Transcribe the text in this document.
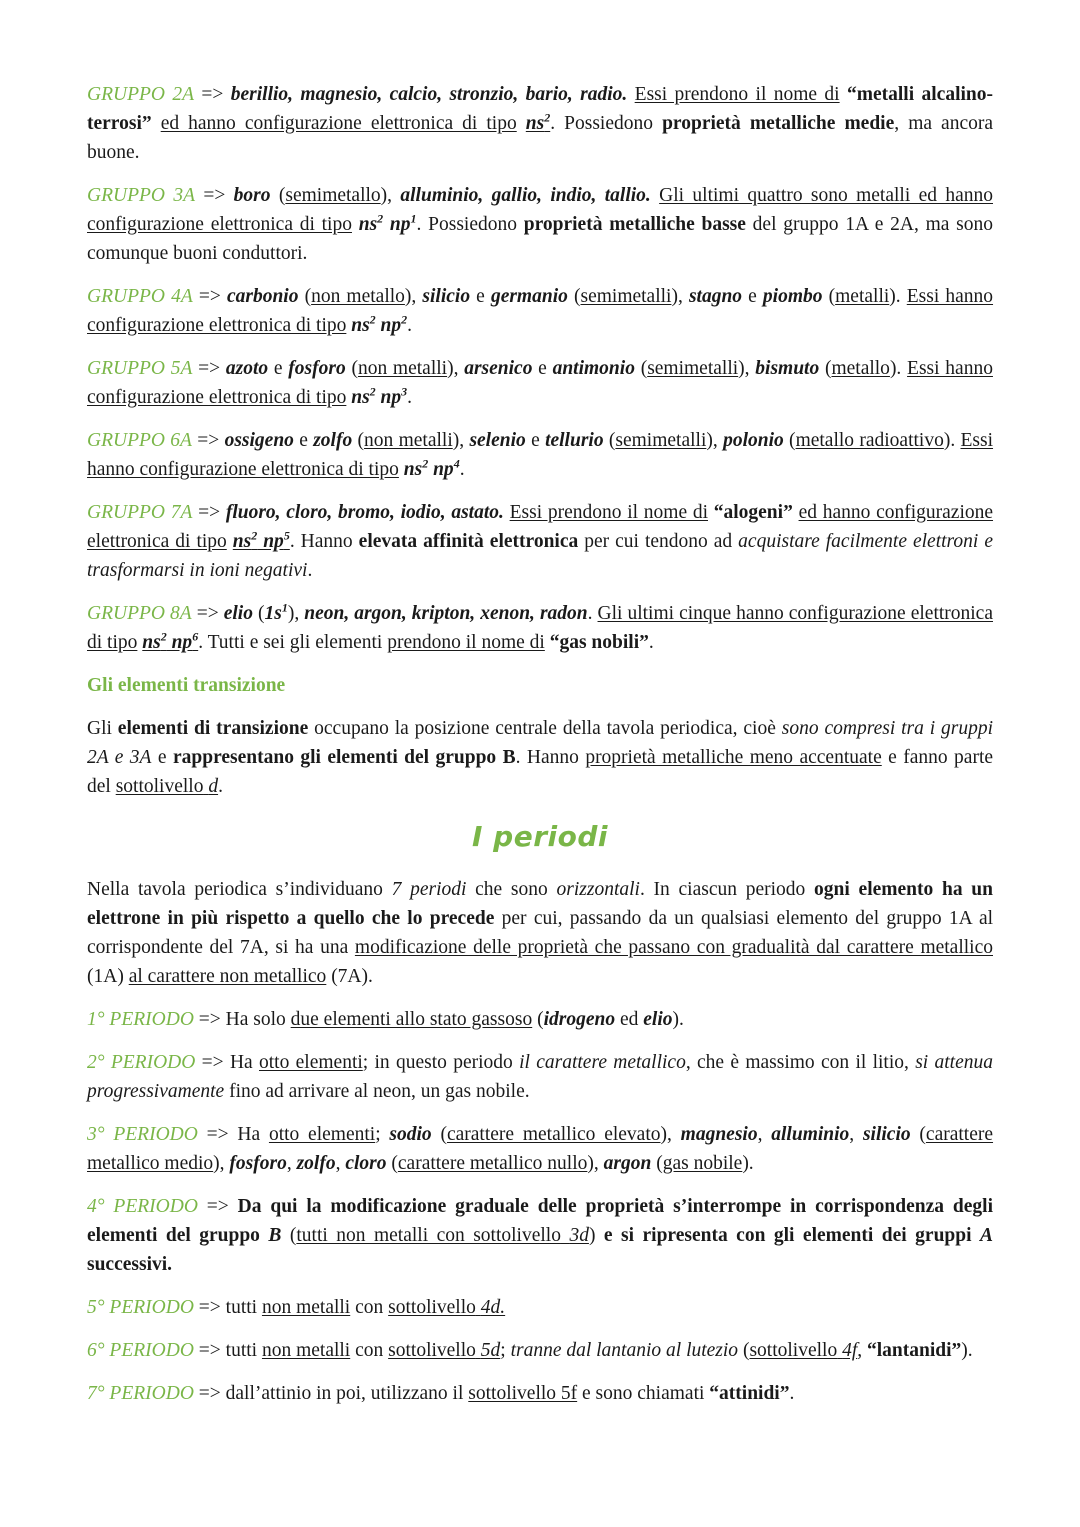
GRUPPO 2A => berillio, magnesio, calcio, stronzio, bario, radio. Essi prendono il nome di “metalli alcalino-terrosi” ed hanno configurazione elettronica di tipo $ns^2$. Possiedono proprietà metalliche medie, ma ancora buone.

GRUPPO 3A => boro (semimetallo), alluminio, gallio, indio, tallio. Gli ultimi quattro sono metalli ed hanno configurazione elettronica di tipo $ns^2$ $np^1$. Possiedono proprietà metalliche basse del gruppo 1A e 2A, ma sono comunque buoni conduttori.

GRUPPO 4A => carbonio (non metallo), silicio e germanio (semimetalli), stagno e piombo (metalli). Essi hanno configurazione elettronica di tipo $ns^2$ $np^2$.

GRUPPO 5A => azoto e fosforo (non metalli), arsenico e antimonio (semimetalli), bismuto (metallo). Essi hanno configurazione elettronica di tipo $ns^2$ $np^3$.

GRUPPO 6A => ossigeno e zolfo (non metalli), selenio e tellurio (semimetalli), polonio (metallo radioattivo). Essi hanno configurazione elettronica di tipo $ns^2$ $np^4$.

GRUPPO 7A => fluoro, cloro, bromo, iodio, astato. Essi prendono il nome di “alogeni” ed hanno configurazione elettronica di tipo $ns^2$ $np^5$. Hanno elevata affinità elettronica per cui tendono ad acquistare facilmente elettroni e trasformarsi in ioni negativi.

GRUPPO 8A => elio $(1s^1)$, neon, argon, kripton, xenon, radon. Gli ultimi cinque hanno configurazione elettronica di tipo $ns^2$ $np^6$. Tutti e sei gli elementi prendono il nome di “gas nobili”.

Gli elementi transizione

Gli elementi di transizione occupano la posizione centrale della tavola periodica, cioè sono compresi tra i gruppi 2A e 3A e rappresentano gli elementi del gruppo B. Hanno proprietà metalliche meno accentuate e fanno parte del sottolivello d.

I periodi

Nella tavola periodica s’individuano 7 periodi che sono orizzontali. In ciascun periodo ogni elemento ha un elettrone in più rispetto a quello che lo precede per cui, passando da un qualsiasi elemento del gruppo 1A al corrispondente del 7A, si ha una modificazione delle proprietà che passano con gradualità dal carattere metallico (1A) al carattere non metallico (7A).

1° PERIODO => Ha solo due elementi allo stato gassoso (idrogeno ed elio).

2° PERIODO => Ha otto elementi; in questo periodo il carattere metallico, che è massimo con il litio, si attenua progressivamente fino ad arrivare al neon, un gas nobile.

3° PERIODO => Ha otto elementi; sodio (carattere metallico elevato), magnesio, alluminio, silicio (carattere metallico medio), fosforo, zolfo, cloro (carattere metallico nullo), argon (gas nobile).

4° PERIODO => Da qui la modificazione graduale delle proprietà s’interrompe in corrispondenza degli elementi del gruppo B (tutti non metalli con sottolivello 3d) e si ripresenta con gli elementi dei gruppi A successivi.

5° PERIODO => tutti non metalli con sottolivello 4d.

6° PERIODO => tutti non metalli con sottolivello 5d; tranne dal lantanio al lutezio (sottolivello 4f, “lantanidi”).

7° PERIODO => dall’attinio in poi, utilizzano il sottolivello 5f e sono chiamati “attinidi”.
